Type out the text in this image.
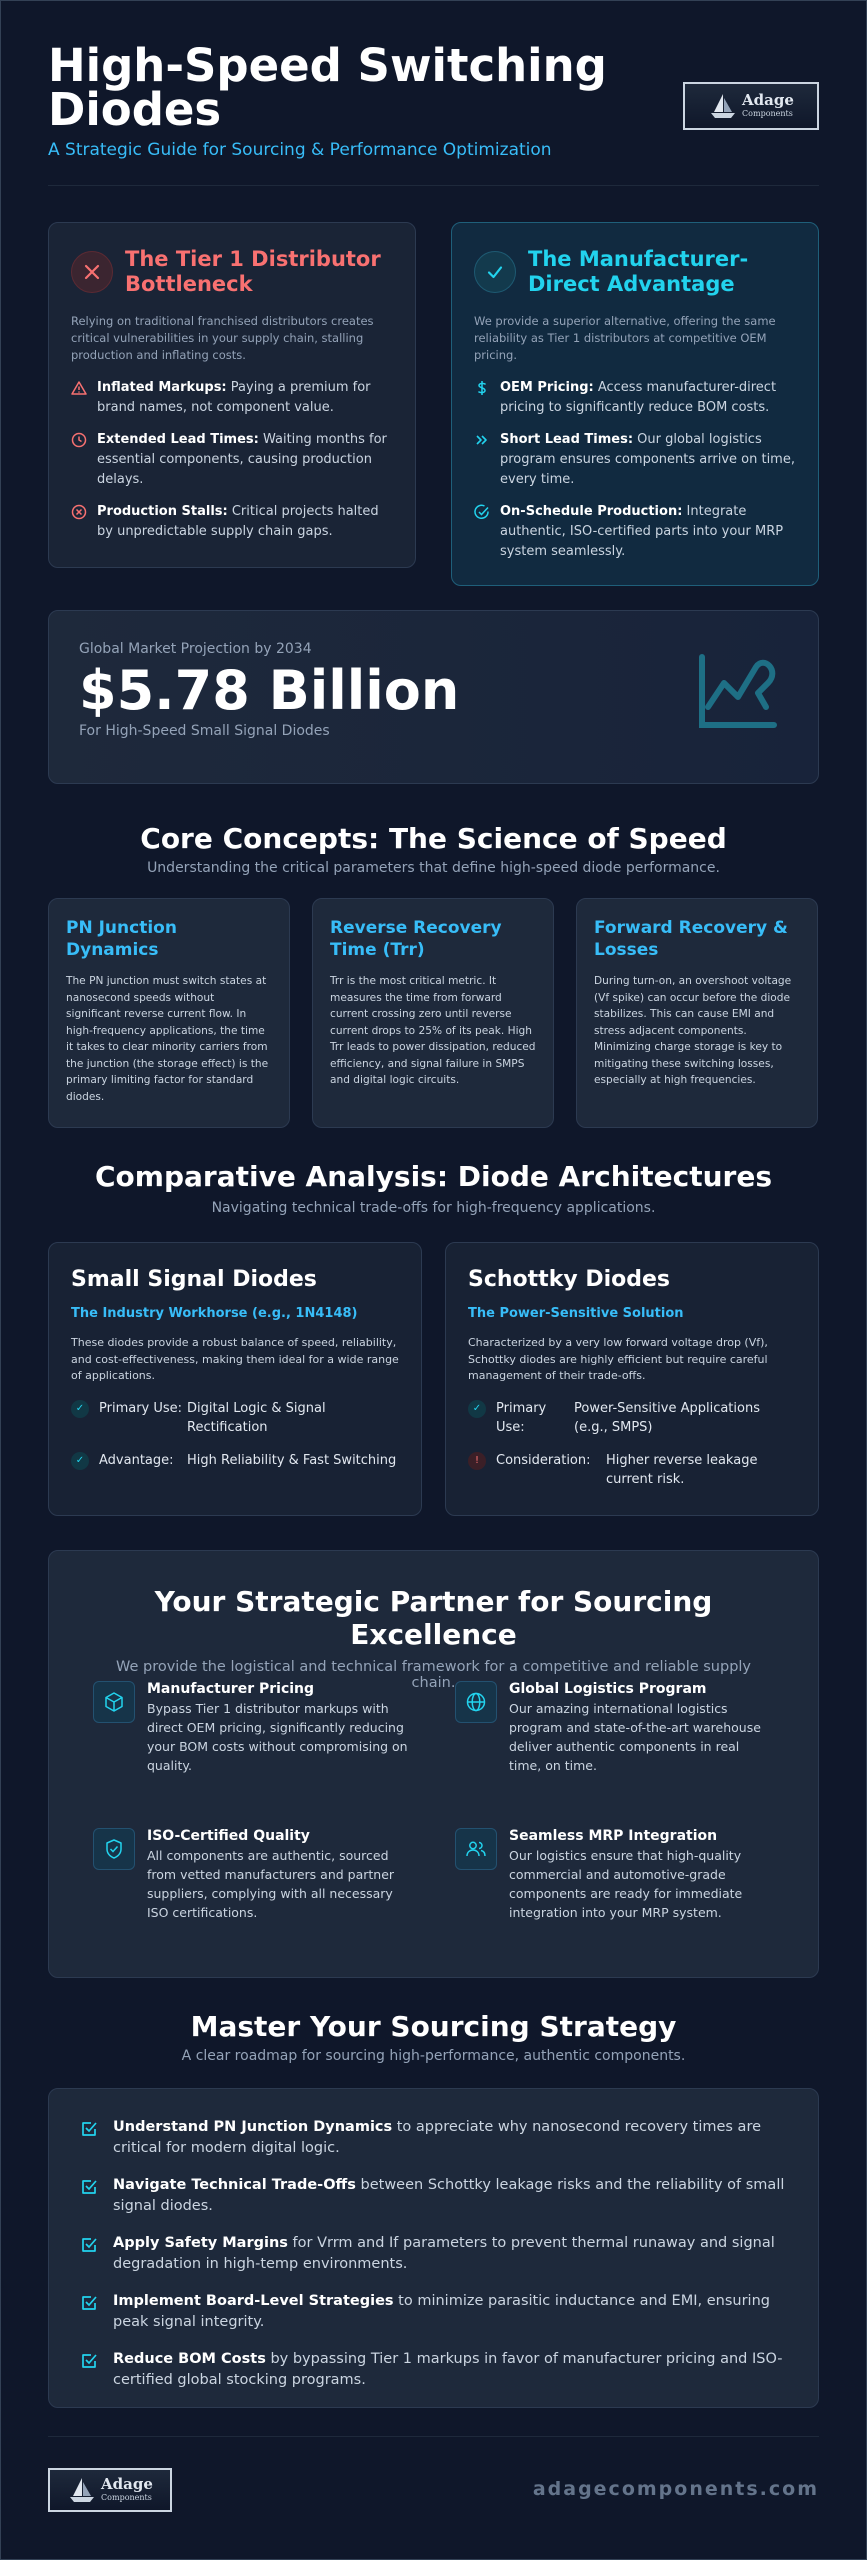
High-Speed Switching Diodes
A Strategic Guide for Sourcing & Performance Optimization
Adage
Components
The Tier 1 Distributor Bottleneck

Relying on traditional franchised distributors creates critical vulnerabilities in your supply chain, stalling production and inflating costs.

Inflated Markups: Paying a premium for brand names, not component value.
Extended Lead Times: Waiting months for essential components, causing production delays.
Production Stalls: Critical projects halted by unpredictable supply chain gaps.
The Manufacturer-Direct Advantage

We provide a superior alternative, offering the same reliability as Tier 1 distributors at competitive OEM pricing.

OEM Pricing: Access manufacturer-direct pricing to significantly reduce BOM costs.
Short Lead Times: Our global logistics program ensures components arrive on time, every time.
On-Schedule Production: Integrate authentic, ISO-certified parts into your MRP system seamlessly.
Global Market Projection by 2034
$5.78 Billion
For High-Speed Small Signal Diodes
Core Concepts: The Science of Speed
Understanding the critical parameters that define high-speed diode performance.
PN Junction Dynamics
The PN junction must switch states at nanosecond speeds without significant reverse current flow. In high-frequency applications, the time it takes to clear minority carriers from the junction (the storage effect) is the primary limiting factor for standard diodes.
Reverse Recovery Time (Trr)
Trr is the most critical metric. It measures the time from forward current crossing zero until reverse current drops to 25% of its peak. High Trr leads to power dissipation, reduced efficiency, and signal failure in SMPS and digital logic circuits.
Forward Recovery & Losses
During turn-on, an overshoot voltage (Vf spike) can occur before the diode stabilizes. This can cause EMI and stress adjacent components. Minimizing charge storage is key to mitigating these switching losses, especially at high frequencies.
Comparative Analysis: Diode Architectures
Navigating technical trade-offs for high-frequency applications.
Small Signal Diodes
The Industry Workhorse (e.g., 1N4148)
These diodes provide a robust balance of speed, reliability, and cost-effectiveness, making them ideal for a wide range of applications.
✓	Primary Use: Digital Logic & Signal Rectification
✓	Advantage:	High Reliability & Fast Switching
Schottky Diodes
The Power-Sensitive Solution
Characterized by a very low forward voltage drop (Vf), Schottky diodes are highly efficient but require careful management of their trade-offs.
✓	Primary Use:
Power-Sensitive Applications (e.g., SMPS)
!	Consideration:	Higher reverse leakage current risk.
Your Strategic Partner for Sourcing Excellence
We provide the logistical and technical framework for a competitive and reliable supply chain.
Manufacturer Pricing
Bypass Tier 1 distributor markups with direct OEM pricing, significantly reducing your BOM costs without compromising on quality.
Global Logistics Program
Our amazing international logistics program and state-of-the-art warehouse deliver authentic components in real time, on time.
ISO-Certified Quality
All components are authentic, sourced from vetted manufacturers and partner suppliers, complying with all necessary ISO certifications.
Seamless MRP Integration
Our logistics ensure that high-quality commercial and automotive-grade components are ready for immediate integration into your MRP system.
Master Your Sourcing Strategy
A clear roadmap for sourcing high-performance, authentic components.
Understand PN Junction Dynamics to appreciate why nanosecond recovery times are critical for modern digital logic.
Navigate Technical Trade-Offs between Schottky leakage risks and the reliability of small signal diodes.
Apply Safety Margins for Vrrm and If parameters to prevent thermal runaway and signal degradation in high-temp environments.
Implement Board-Level Strategies to minimize parasitic inductance and EMI, ensuring peak signal integrity.
Reduce BOM Costs by bypassing Tier 1 markups in favor of manufacturer pricing and ISO-certified global stocking programs.
Adage
Components	adagecomponents.com
